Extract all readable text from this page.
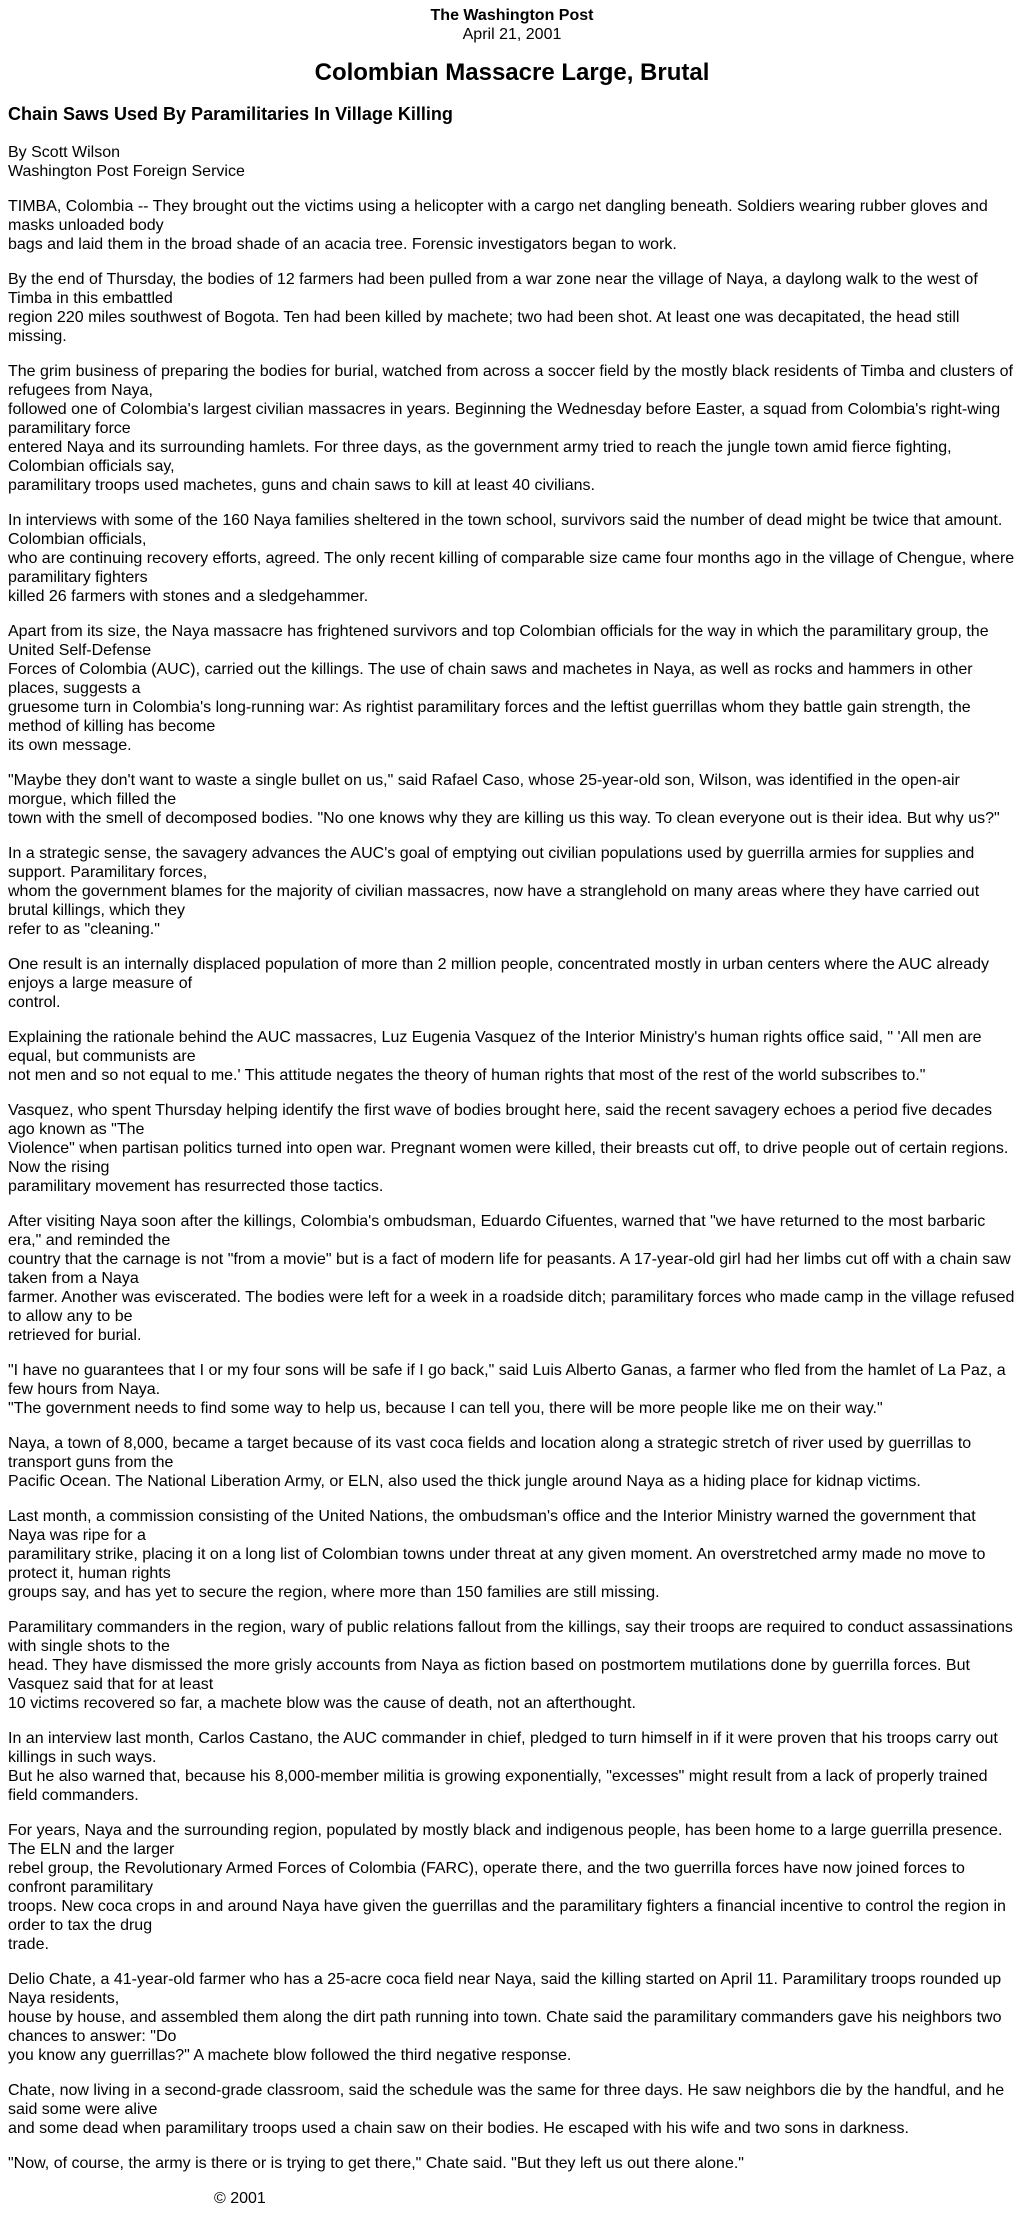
The Washington Post
April 21, 2001
Colombian Massacre Large, Brutal
Chain Saws Used By Paramilitaries In Village Killing
By Scott Wilson
Washington Post Foreign Service

TIMBA, Colombia -- They brought out the victims using a helicopter with a cargo net dangling beneath. Soldiers wearing rubber gloves and masks unloaded body
bags and laid them in the broad shade of an acacia tree. Forensic investigators began to work.

By the end of Thursday, the bodies of 12 farmers had been pulled from a war zone near the village of Naya, a daylong walk to the west of Timba in this embattled
region 220 miles southwest of Bogota. Ten had been killed by machete; two had been shot. At least one was decapitated, the head still missing.

The grim business of preparing the bodies for burial, watched from across a soccer field by the mostly black residents of Timba and clusters of refugees from Naya,
followed one of Colombia's largest civilian massacres in years. Beginning the Wednesday before Easter, a squad from Colombia's right-wing paramilitary force
entered Naya and its surrounding hamlets. For three days, as the government army tried to reach the jungle town amid fierce fighting, Colombian officials say,
paramilitary troops used machetes, guns and chain saws to kill at least 40 civilians.

In interviews with some of the 160 Naya families sheltered in the town school, survivors said the number of dead might be twice that amount. Colombian officials,
who are continuing recovery efforts, agreed. The only recent killing of comparable size came four months ago in the village of Chengue, where paramilitary fighters
killed 26 farmers with stones and a sledgehammer.

Apart from its size, the Naya massacre has frightened survivors and top Colombian officials for the way in which the paramilitary group, the United Self-Defense
Forces of Colombia (AUC), carried out the killings. The use of chain saws and machetes in Naya, as well as rocks and hammers in other places, suggests a
gruesome turn in Colombia's long-running war: As rightist paramilitary forces and the leftist guerrillas whom they battle gain strength, the method of killing has become
its own message.

"Maybe they don't want to waste a single bullet on us," said Rafael Caso, whose 25-year-old son, Wilson, was identified in the open-air morgue, which filled the
town with the smell of decomposed bodies. "No one knows why they are killing us this way. To clean everyone out is their idea. But why us?"

In a strategic sense, the savagery advances the AUC's goal of emptying out civilian populations used by guerrilla armies for supplies and support. Paramilitary forces,
whom the government blames for the majority of civilian massacres, now have a stranglehold on many areas where they have carried out brutal killings, which they
refer to as "cleaning."

One result is an internally displaced population of more than 2 million people, concentrated mostly in urban centers where the AUC already enjoys a large measure of
control.

Explaining the rationale behind the AUC massacres, Luz Eugenia Vasquez of the Interior Ministry's human rights office said, " 'All men are equal, but communists are
not men and so not equal to me.' This attitude negates the theory of human rights that most of the rest of the world subscribes to."

Vasquez, who spent Thursday helping identify the first wave of bodies brought here, said the recent savagery echoes a period five decades ago known as "The
Violence" when partisan politics turned into open war. Pregnant women were killed, their breasts cut off, to drive people out of certain regions. Now the rising
paramilitary movement has resurrected those tactics.

After visiting Naya soon after the killings, Colombia's ombudsman, Eduardo Cifuentes, warned that "we have returned to the most barbaric era," and reminded the
country that the carnage is not "from a movie" but is a fact of modern life for peasants. A 17-year-old girl had her limbs cut off with a chain saw taken from a Naya
farmer. Another was eviscerated. The bodies were left for a week in a roadside ditch; paramilitary forces who made camp in the village refused to allow any to be
retrieved for burial.

"I have no guarantees that I or my four sons will be safe if I go back," said Luis Alberto Ganas, a farmer who fled from the hamlet of La Paz, a few hours from Naya.
"The government needs to find some way to help us, because I can tell you, there will be more people like me on their way."

Naya, a town of 8,000, became a target because of its vast coca fields and location along a strategic stretch of river used by guerrillas to transport guns from the
Pacific Ocean. The National Liberation Army, or ELN, also used the thick jungle around Naya as a hiding place for kidnap victims.

Last month, a commission consisting of the United Nations, the ombudsman's office and the Interior Ministry warned the government that Naya was ripe for a
paramilitary strike, placing it on a long list of Colombian towns under threat at any given moment. An overstretched army made no move to protect it, human rights
groups say, and has yet to secure the region, where more than 150 families are still missing.

Paramilitary commanders in the region, wary of public relations fallout from the killings, say their troops are required to conduct assassinations with single shots to the
head. They have dismissed the more grisly accounts from Naya as fiction based on postmortem mutilations done by guerrilla forces. But Vasquez said that for at least
10 victims recovered so far, a machete blow was the cause of death, not an afterthought.

In an interview last month, Carlos Castano, the AUC commander in chief, pledged to turn himself in if it were proven that his troops carry out killings in such ways.
But he also warned that, because his 8,000-member militia is growing exponentially, "excesses" might result from a lack of properly trained field commanders.

For years, Naya and the surrounding region, populated by mostly black and indigenous people, has been home to a large guerrilla presence. The ELN and the larger
rebel group, the Revolutionary Armed Forces of Colombia (FARC), operate there, and the two guerrilla forces have now joined forces to confront paramilitary
troops. New coca crops in and around Naya have given the guerrillas and the paramilitary fighters a financial incentive to control the region in order to tax the drug
trade.

Delio Chate, a 41-year-old farmer who has a 25-acre coca field near Naya, said the killing started on April 11. Paramilitary troops rounded up Naya residents,
house by house, and assembled them along the dirt path running into town. Chate said the paramilitary commanders gave his neighbors two chances to answer: "Do
you know any guerrillas?" A machete blow followed the third negative response.

Chate, now living in a second-grade classroom, said the schedule was the same for three days. He saw neighbors die by the handful, and he said some were alive
and some dead when paramilitary troops used a chain saw on their bodies. He escaped with his wife and two sons in darkness.

"Now, of course, the army is there or is trying to get there," Chate said. "But they left us out there alone."

© 2001
